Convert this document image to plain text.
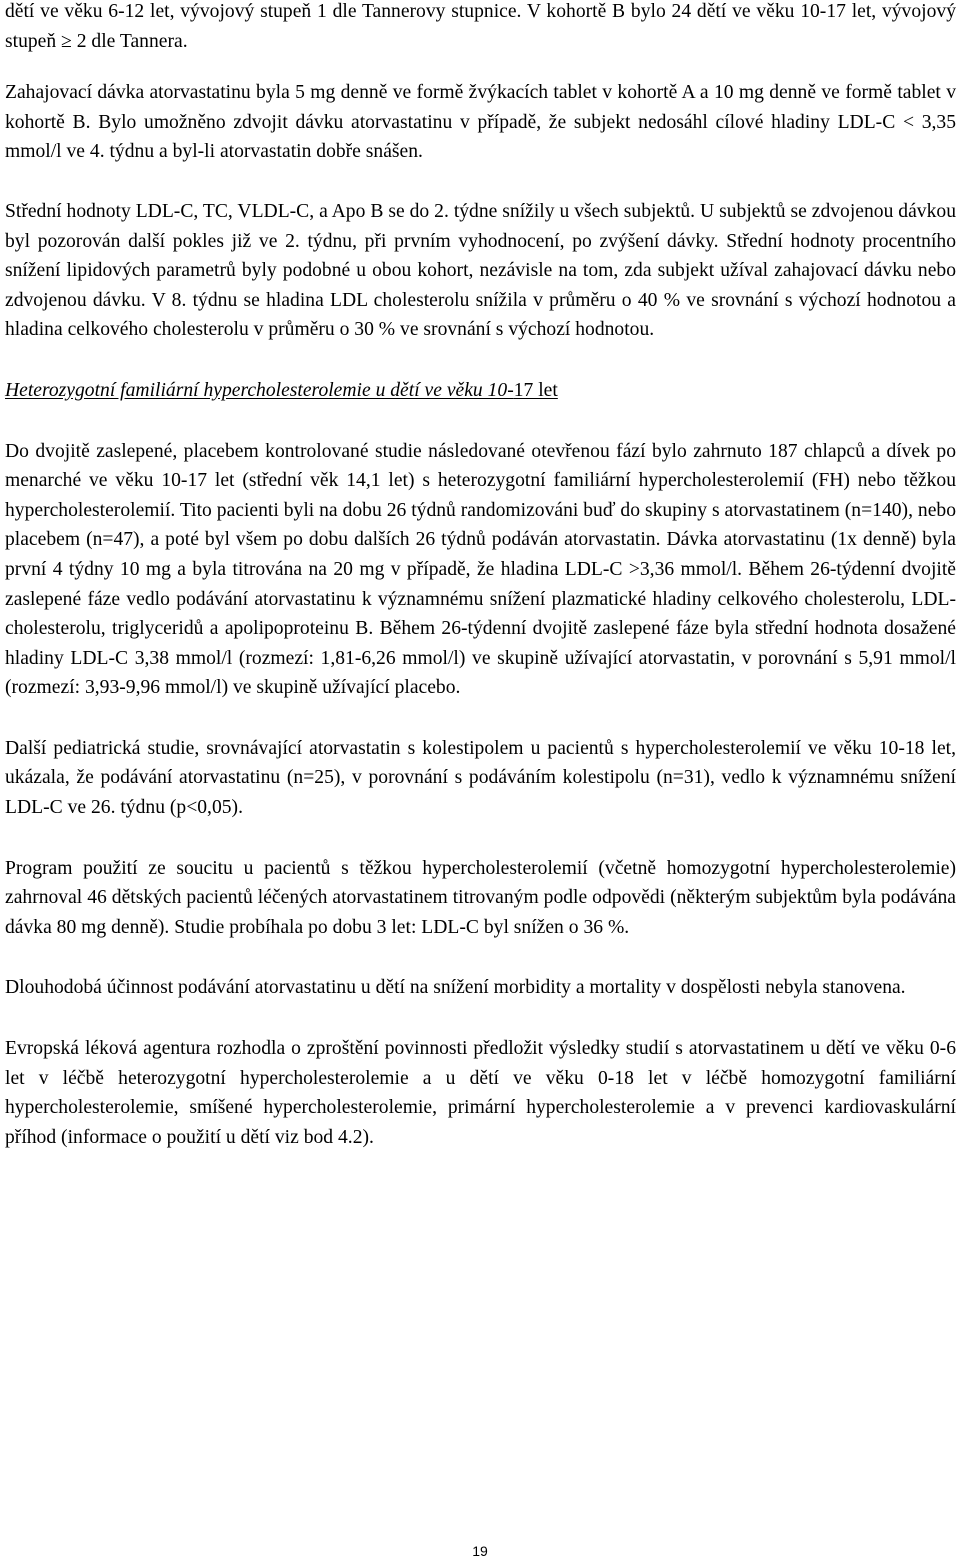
dětí ve věku 6-12 let, vývojový stupeň 1 dle Tannerovy stupnice. V kohortě B bylo 24 dětí ve věku 10-17 let, vývojový stupeň ≥ 2 dle Tannera.

Zahajovací dávka atorvastatinu byla 5 mg denně ve formě žvýkacích tablet v kohortě A a 10 mg denně ve formě tablet v kohortě B. Bylo umožněno zdvojit dávku atorvastatinu v případě, že subjekt nedosáhl cílové hladiny LDL-C < 3,35 mmol/l ve 4. týdnu a byl-li atorvastatin dobře snášen.

Střední hodnoty LDL-C, TC, VLDL-C, a Apo B se do 2. týdne snížily u všech subjektů. U subjektů se zdvojenou dávkou byl pozorován další pokles již ve 2. týdnu, při prvním vyhodnocení, po zvýšení dávky. Střední hodnoty procentního snížení lipidových parametrů byly podobné u obou kohort, nezávisle na tom, zda subjekt užíval zahajovací dávku nebo zdvojenou dávku. V 8. týdnu se hladina LDL cholesterolu snížila v průměru o 40 % ve srovnání s výchozí hodnotou a hladina celkového cholesterolu v průměru o 30 % ve srovnání s výchozí hodnotou.

Heterozygotní familiární hypercholesterolemie u dětí ve věku 10-17 let

Do dvojitě zaslepené, placebem kontrolované studie následované otevřenou fází bylo zahrnuto 187 chlapců a dívek po menarché ve věku 10-17 let (střední věk 14,1 let) s heterozygotní familiární hypercholesterolemií (FH) nebo těžkou hypercholesterolemií. Tito pacienti byli na dobu 26 týdnů randomizováni buď do skupiny s atorvastatinem (n=140), nebo placebem (n=47), a poté byl všem po dobu dalších 26 týdnů podáván atorvastatin. Dávka atorvastatinu (1x denně) byla první 4 týdny 10 mg a byla titrována na 20 mg v případě, že hladina LDL-C >3,36 mmol/l. Během 26-týdenní dvojitě zaslepené fáze vedlo podávání atorvastatinu k významnému snížení plazmatické hladiny celkového cholesterolu, LDL-cholesterolu, triglyceridů a apolipoproteinu B. Během 26-týdenní dvojitě zaslepené fáze byla střední hodnota dosažené hladiny LDL-C 3,38 mmol/l (rozmezí: 1,81-6,26 mmol/l) ve skupině užívající atorvastatin, v porovnání s 5,91 mmol/l (rozmezí: 3,93-9,96 mmol/l) ve skupině užívající placebo.

Další pediatrická studie, srovnávající atorvastatin s kolestipolem u pacientů s hypercholesterolemií ve věku 10-18 let, ukázala, že podávání atorvastatinu (n=25), v porovnání s podáváním kolestipolu (n=31), vedlo k významnému snížení LDL-C ve 26. týdnu (p<0,05).

Program použití ze soucitu u pacientů s těžkou hypercholesterolemií (včetně homozygotní hypercholesterolemie) zahrnoval 46 dětských pacientů léčených atorvastatinem titrovaným podle odpovědi (některým subjektům byla podávána dávka 80 mg denně). Studie probíhala po dobu 3 let: LDL-C byl snížen o 36 %.

Dlouhodobá účinnost podávání atorvastatinu u dětí na snížení morbidity a mortality v dospělosti nebyla stanovena.

Evropská léková agentura rozhodla o zproštění povinnosti předložit výsledky studií s atorvastatinem u dětí ve věku 0-6 let v léčbě heterozygotní hypercholesterolemie a u dětí ve věku 0-18 let v léčbě homozygotní familiární hypercholesterolemie, smíšené hypercholesterolemie, primární hypercholesterolemie a v prevenci kardiovaskulární příhod (informace o použití u dětí viz bod 4.2).

19
